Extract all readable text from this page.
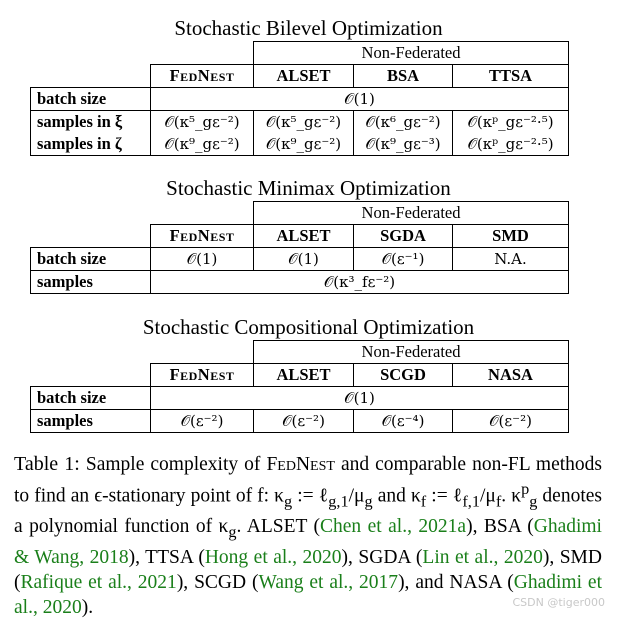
Stochastic Bilevel Optimization
		Non-Federated		
	FedNest	ALSET	BSA	TTSA
batch size	𝒪(1)			
samples in ξ	𝒪(κ⁵_gε⁻²)	𝒪(κ⁵_gε⁻²)	𝒪(κ⁶_gε⁻²)	𝒪(κᵖ_gε⁻²·⁵)
samples in ζ	𝒪(κ⁹_gε⁻²)	𝒪(κ⁹_gε⁻²)	𝒪(κ⁹_gε⁻³)	𝒪(κᵖ_gε⁻²·⁵)
Stochastic Minimax Optimization
		Non-Federated		
	FedNest	ALSET	SGDA	SMD
batch size	𝒪(1)	𝒪(1)	𝒪(ε⁻¹)	N.A.
samples	𝒪(κ³_fε⁻²)			
Stochastic Compositional Optimization
		Non-Federated		
	FedNest	ALSET	SCGD	NASA
batch size	𝒪(1)			
samples	𝒪(ε⁻²)	𝒪(ε⁻²)	𝒪(ε⁻⁴)	𝒪(ε⁻²)
Table 1: Sample complexity of FedNest and comparable non-FL methods to find an ϵ-stationary point of f: $\kappa_g$ := $\ell_{g,1}/\mu_g$ and $\kappa_f$ := $\ell_{f,1}/\mu_f$. $\kappa^p_g$ denotes a polynomial function of $\kappa_g$. ALSET (Chen et al., 2021a), BSA (Ghadimi & Wang, 2018), TTSA (Hong et al., 2020), SGDA (Lin et al., 2020), SMD (Rafique et al., 2021), SCGD (Wang et al., 2017), and NASA (Ghadimi et al., 2020).	CSDN @tiger000
